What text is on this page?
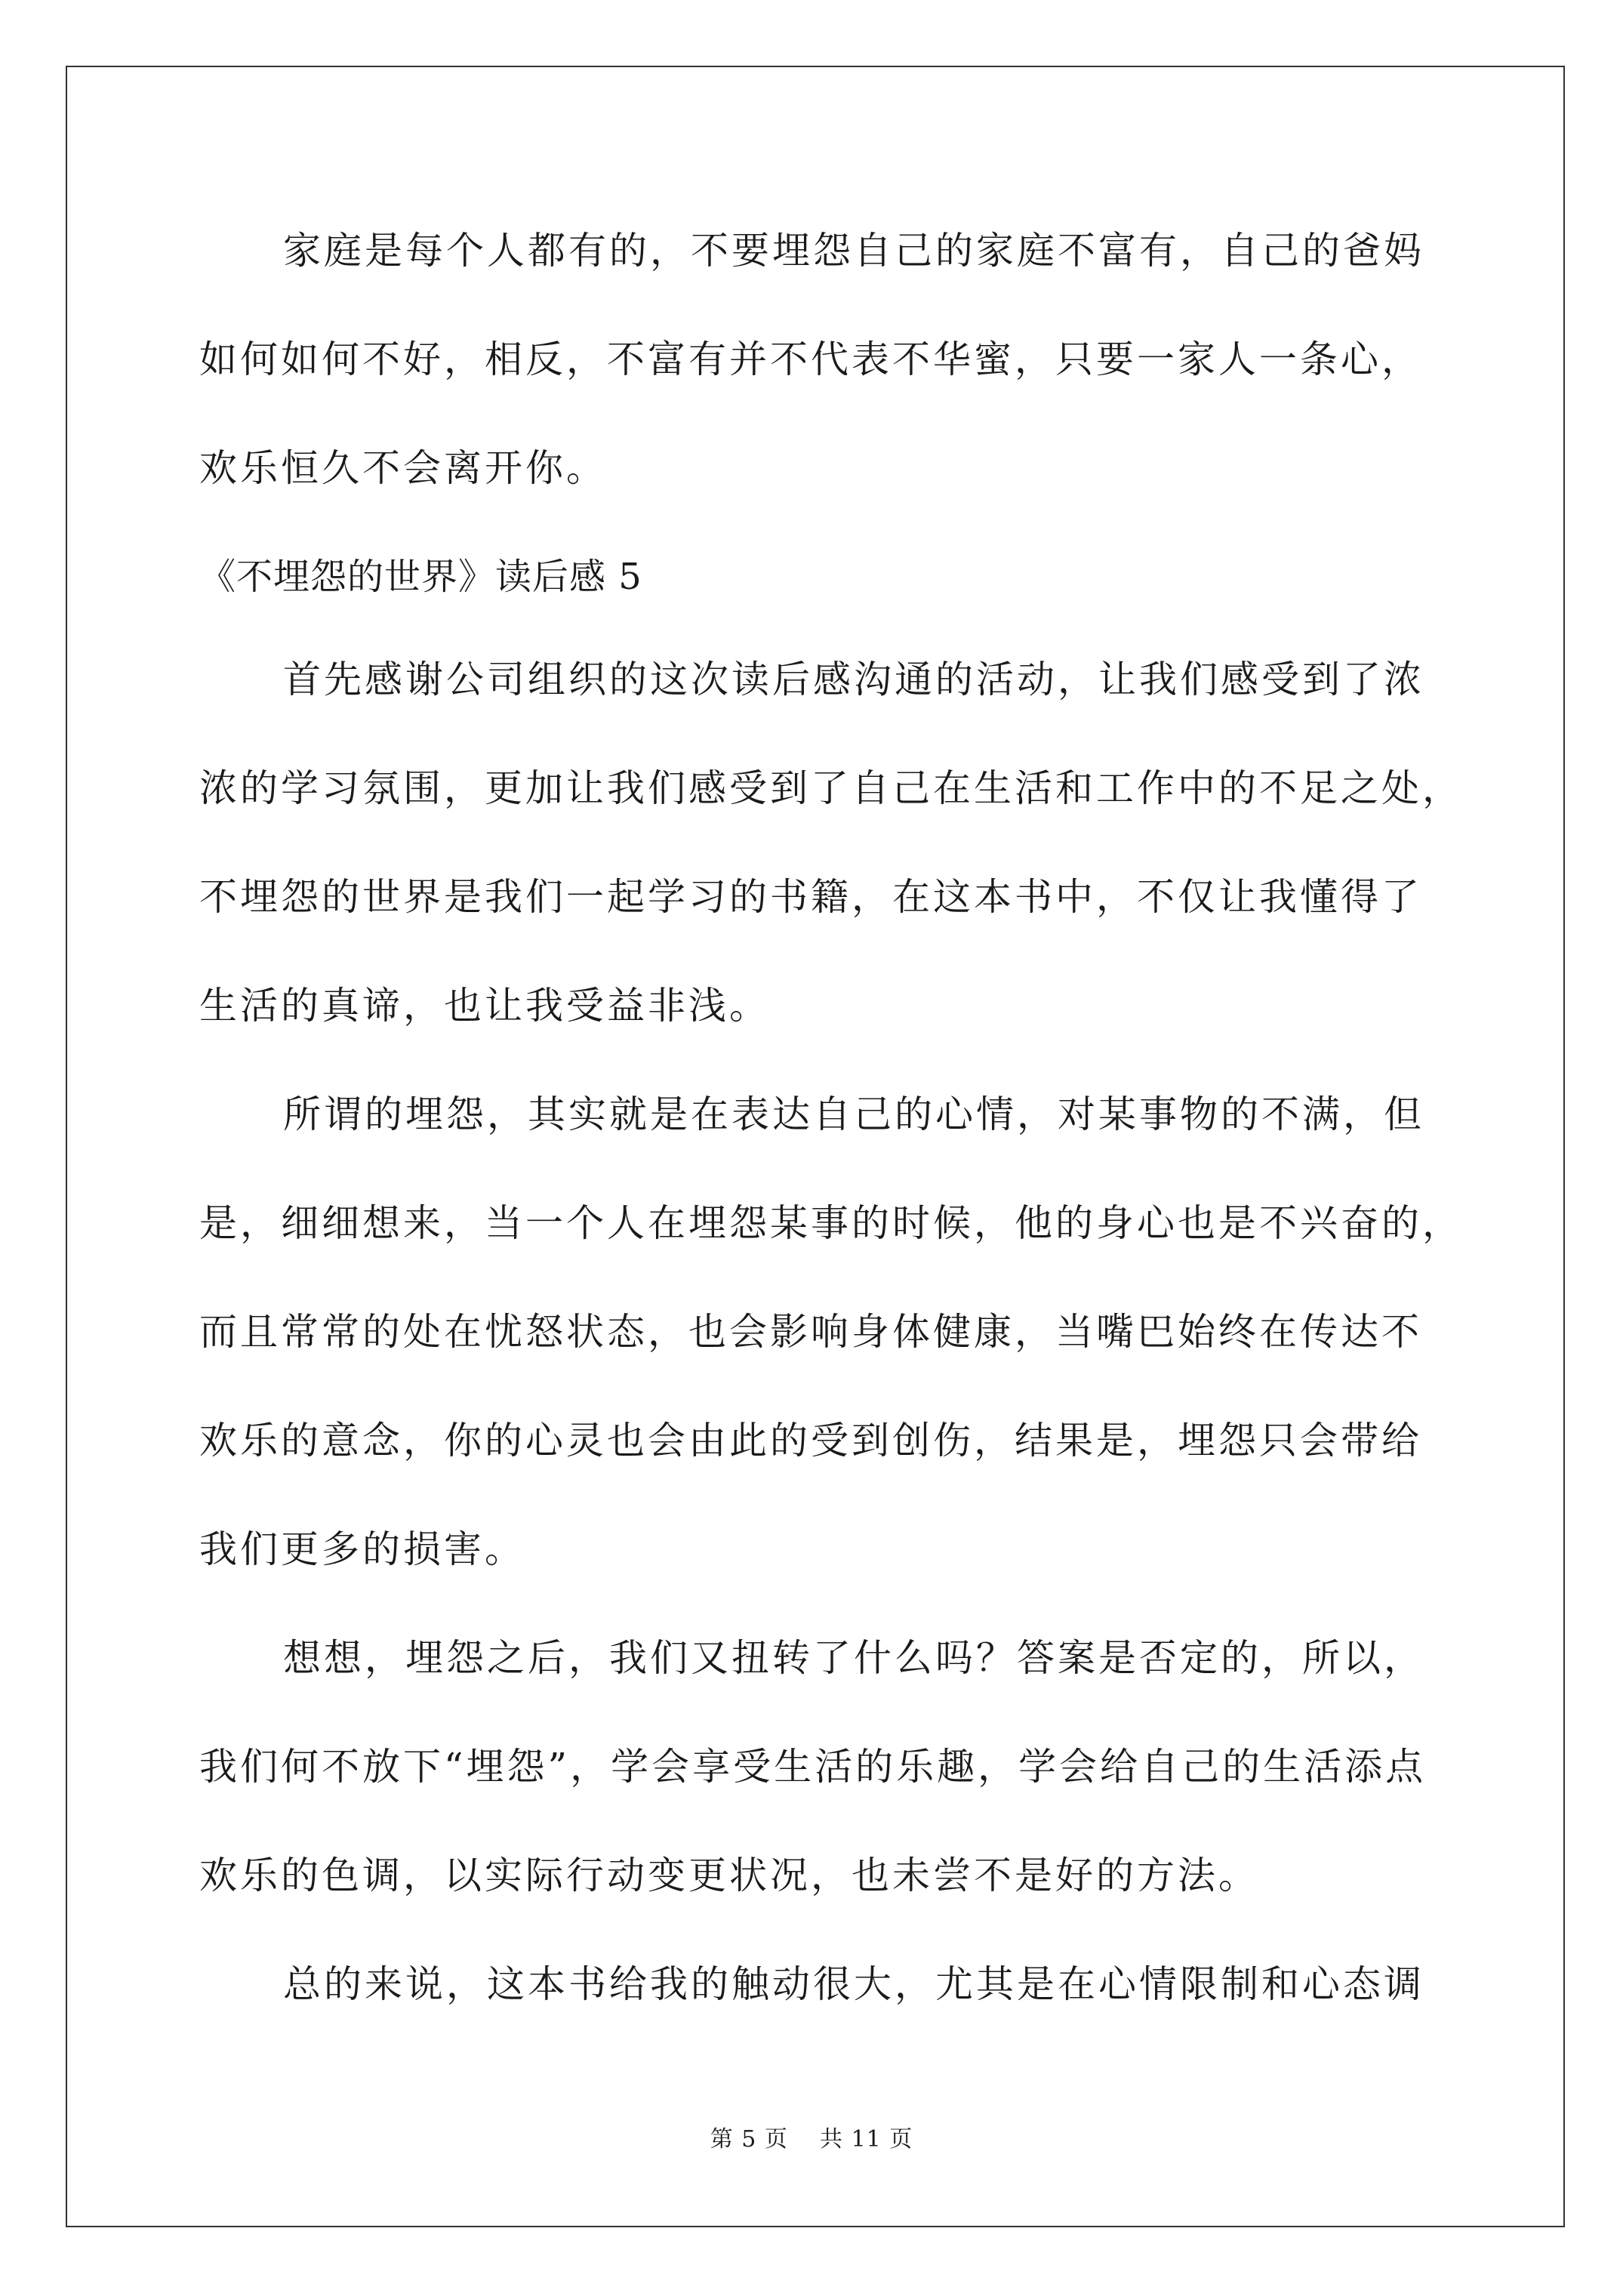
家庭是每个人都有的，不要埋怨自己的家庭不富有，自己的爸妈
如何如何不好，相反，不富有并不代表不华蜜，只要一家人一条心，
欢乐恒久不会离开你。
《不埋怨的世界》读后感 5
首先感谢公司组织的这次读后感沟通的活动，让我们感受到了浓
浓的学习氛围，更加让我们感受到了自己在生活和工作中的不足之处，
不埋怨的世界是我们一起学习的书籍，在这本书中，不仅让我懂得了
生活的真谛，也让我受益非浅。
所谓的埋怨，其实就是在表达自己的心情，对某事物的不满，但
是，细细想来，当一个人在埋怨某事的时候，他的身心也是不兴奋的，
而且常常的处在忧怒状态，也会影响身体健康，当嘴巴始终在传达不
欢乐的意念，你的心灵也会由此的受到创伤，结果是，埋怨只会带给
我们更多的损害。
想想，埋怨之后，我们又扭转了什么吗？答案是否定的，所以，
我们何不放下“埋怨”，学会享受生活的乐趣，学会给自己的生活添点
欢乐的色调，以实际行动变更状况，也未尝不是好的方法。
总的来说，这本书给我的触动很大，尤其是在心情限制和心态调
第 5 页 共 11 页
